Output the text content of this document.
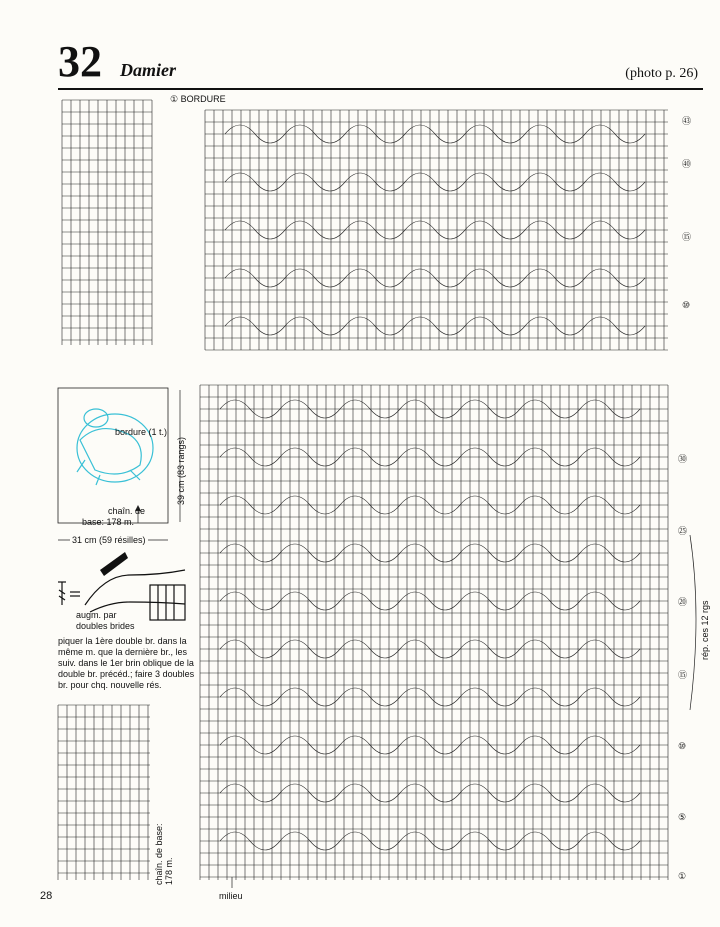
32 Damier	(photo p. 26)
① BORDURE
㊸
㊵
⑮
⑩
㉚
㉕
⑳
⑮
⑩
⑤
①
rép. ces 12 rgs
bordure (1 t.)
39 cm (83 rangs)
chaîn. de
base: 178 m.
31 cm (59 résilles)
augm. par
doubles brides
piquer la 1ère double br. dans la même m. que la dernière br., les suiv. dans le 1er brin oblique de la double br. précéd.; faire 3 doubles br. pour chq. nouvelle rés.
chaîn. de base: 178 m.
milieu
28
